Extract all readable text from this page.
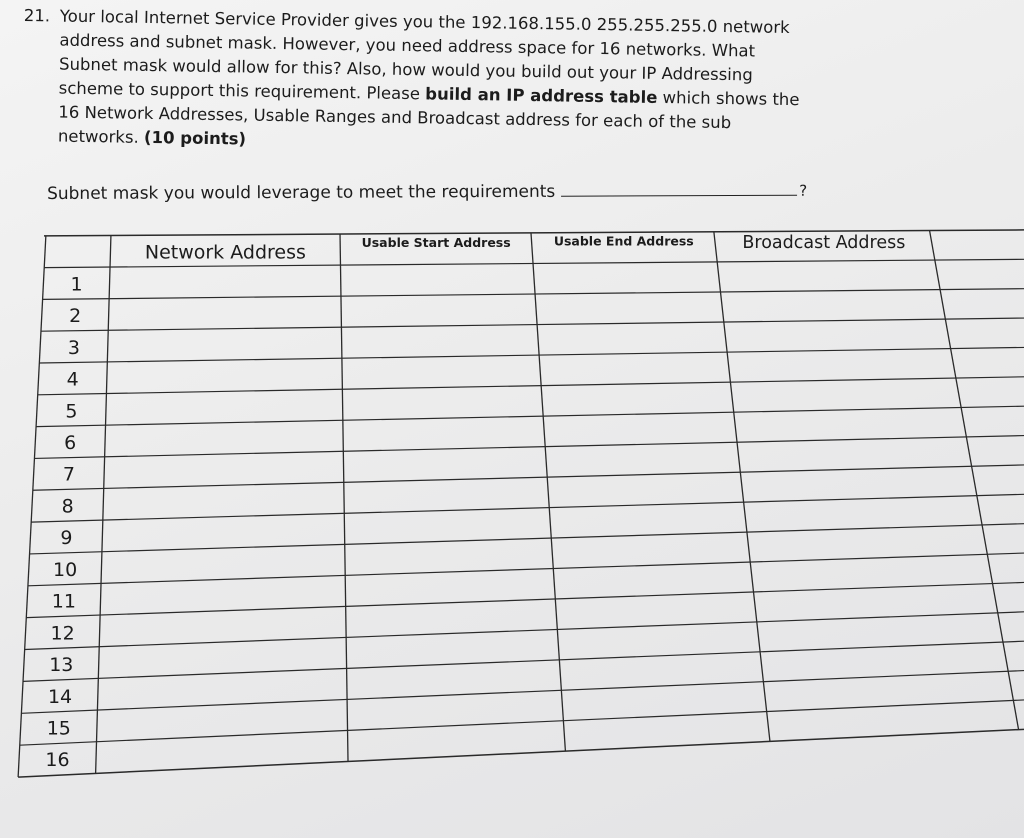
21. Your local Internet Service Provider gives you the 192.168.155.0 255.255.255.0 network
address and subnet mask. However, you need address space for 16 networks. What
Subnet mask would allow for this? Also, how would you build out your IP Addressing
scheme to support this requirement. Please build an IP address table which shows the
16 Network Addresses, Usable Ranges and Broadcast address for each of the sub
networks. (10 points)
Subnet mask you would leverage to meet the requirements	?
Network Address	Usable Start Address	Usable End Address	Broadcast Address
1
2
3
4
5
6
7
8
9
10
11
12
13
14
15
16
